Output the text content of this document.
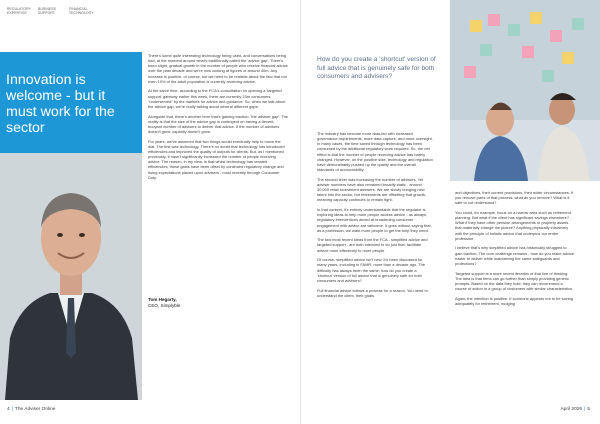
REGULATORY EXPERTISE
BUSINESS SUPPORT
FINANCIAL TECHNOLOGY
Innovation is welcome - but it must work for the sector
Tom Hegarty,
CEO, Simplyble

There's some quite interesting technology being used, and conversations being had, at the moment around what's traditionally called the 'advice gap'. There's been slight, gradual growth in the number of people who receive financial advice over the past decade and we're now looking at figures of around 40m. Any increase is positive, of course, but we need to be realistic about the fact that not even 10% of the adult population is currently receiving advice.

At the same time, according to the FCA's consultation on opening a 'targeted support' gateway earlier this week, there are currently 23m consumers "underserved" by the markets for advice and guidance. So, when we talk about the advice gap, we're really talking about several different gaps.

Alongside that, there's another term that's gaining traction: 'the adviser gap'. The reality is that the size of the advice gap is contingent on having a decent, buoyant number of advisers to deliver that advice. If the number of advisers doesn't grow, capacity doesn't grow.

For years, we've assumed that two things would eventually help to move the dial. The first was technology. There's no doubt that technology has introduced efficiencies and improved the quality of outputs for clients. But, as I mentioned previously, it hasn't significantly increased the number of people receiving advice. The reason, in my view, is that whilst technology has created efficiencies, those gains have been offset by continued regulatory change and rising expectations placed upon advisers - most recently through Consumer Duty.

How do you create a 'shortcut' version of full advice that is genuinely safe for both consumers and advisers?

The industry has become more data-led with increased governance requirements, more data capture, and more oversight. In many cases, the time saved through technology has been consumed by the additional regulatory work required. So, the net effect is that the number of people receiving advice has barely changed. However, on the positive side, technology and regulation have demonstrably pushed up the quality and the overall standards of accountability.

The second lever was increasing the number of advisers. Yet adviser numbers have also remained broadly static - around 30,000 retail investment advisers. We are slowly bringing new talent into the sector, but retirements are offsetting that growth, meaning capacity continues to remain tight.

In that context, it's entirely understandable that the regulator is exploring ideas to help more people access advice - as always, regulatory interventions aimed at broadening consumer engagement with advice are welcome. It goes without saying that, as a profession, we want more people to get the help they need.

The two most recent ideas from the FCA - simplified advice and targeted support - are both intended to do just that: facilitate advice more effectively to more people.

Of course, simplified advice isn't new. It's been discussed for many years, including in FAMR, more than a decade ago. The difficulty has always been the same: how do you create a 'shortcut' version of full advice that is genuinely safe for both consumers and advisers?

Full financial advice follows a process for a reason. You need to understand the client, their goals

and objectives, their current provisions, their wider circumstances. If you remove parts of that process, what do you remove? What is it safe to not understand?

You could, for example, focus on a narrow area such as retirement planning. But what if the client has significant savings elsewhere? What if they have other pension arrangements or property assets that materially change the picture? Anything physically intrusively with the principle of holistic advice that underpins our entire profession.

I believe that's why simplified advice has historically struggled to gain traction. The core challenge remains - how do you make advice easier to deliver while maintaining the same safeguards and protections?

Targeted support is a more recent iteration of that line of thinking. The idea is that firms can go further than simply providing generic prompts. Based on the data they hold, they can recommend a course of action to a group of customers with similar characteristics.

Again, the intention is positive. If someone appears not to be saving adequately for retirement, nudging

4 | The Adviser Online	April 2026 | 5
